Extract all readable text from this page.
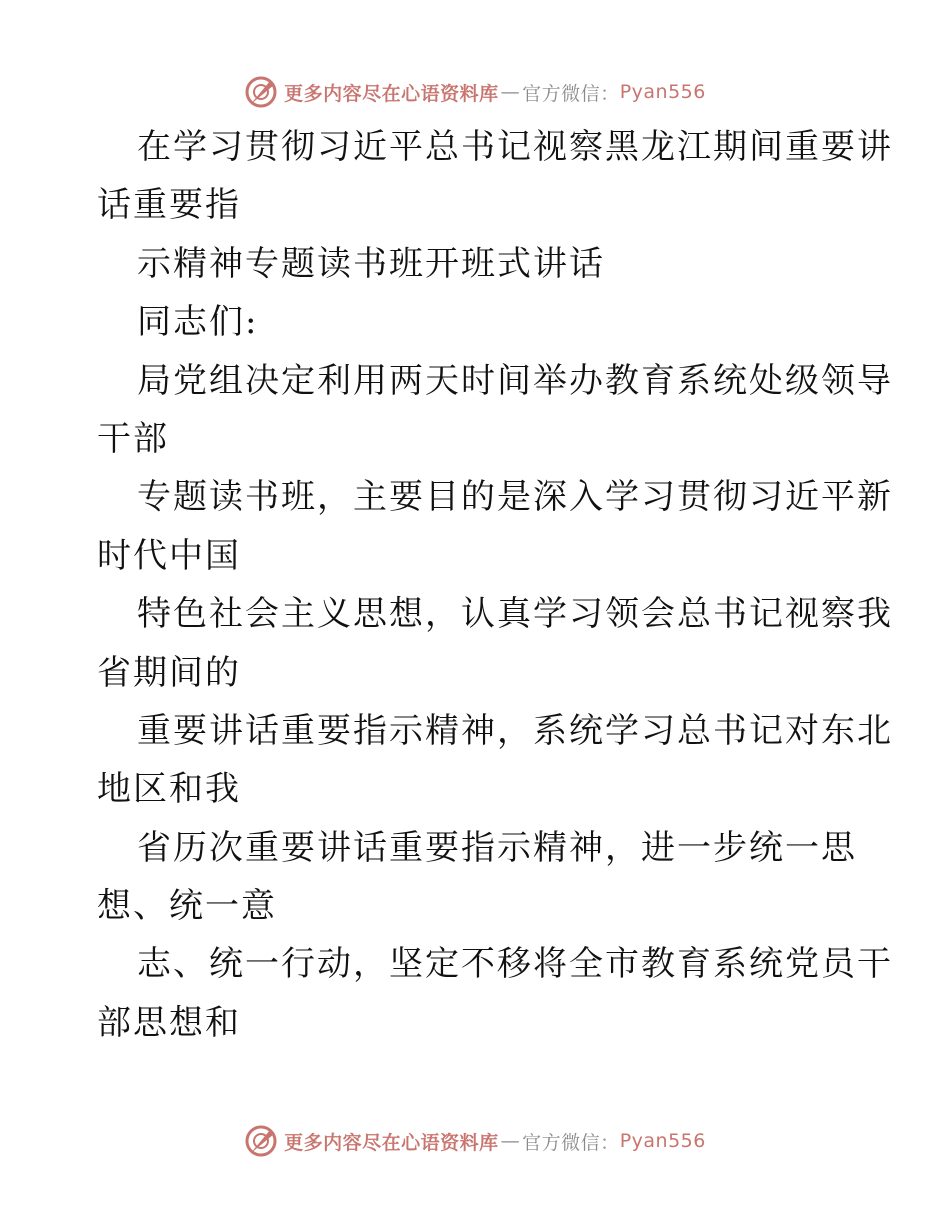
更多内容尽在心语资料库 — 官方微信： Pyan556
在学习贯彻习近平总书记视察黑龙江期间重要讲
话重要指
示精神专题读书班开班式讲话
同志们:
局党组决定利用两天时间举办教育系统处级领导
干部
专题读书班，主要目的是深入学习贯彻习近平新
时代中国
特色社会主义思想，认真学习领会总书记视察我
省期间的
重要讲话重要指示精神，系统学习总书记对东北
地区和我
省历次重要讲话重要指示精神，进一步统一思
想、统一意
志、统一行动，坚定不移将全市教育系统党员干
部思想和
更多内容尽在心语资料库 — 官方微信： Pyan556
